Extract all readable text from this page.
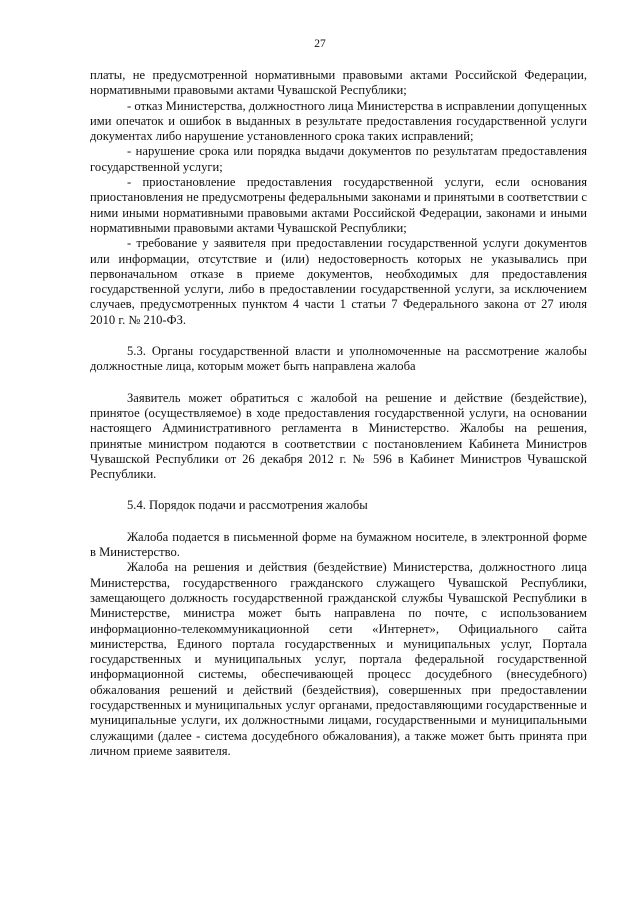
27

платы, не предусмотренной нормативными правовыми актами Российской Федерации, нормативными правовыми актами Чувашской Республики;

- отказ Министерства, должностного лица Министерства в исправлении допущенных ими опечаток и ошибок в выданных в результате предоставления государственной услуги документах либо нарушение установленного срока таких исправлений;

- нарушение срока или порядка выдачи документов по результатам предоставления государственной услуги;

- приостановление предоставления государственной услуги, если основания приостановления не предусмотрены федеральными законами и принятыми в соответствии с ними иными нормативными правовыми актами Российской Федерации, законами и иными нормативными правовыми актами Чувашской Республики;

- требование у заявителя при предоставлении государственной услуги документов или информации, отсутствие и (или) недостоверность которых не указывались при первоначальном отказе в приеме документов, необходимых для предоставления государственной услуги, либо в предоставлении государственной услуги, за исключением случаев, предусмотренных пунктом 4 части 1 статьи 7 Федерального закона от 27 июля 2010 г. № 210-ФЗ.

5.3. Органы государственной власти и уполномоченные на рассмотрение жалобы должностные лица, которым может быть направлена жалоба

Заявитель может обратиться с жалобой на решение и действие (бездействие), принятое (осуществляемое) в ходе предоставления государственной услуги, на основании настоящего Административного регламента в Министерство. Жалобы на решения, принятые министром подаются в соответствии с постановлением Кабинета Министров Чувашской Республики от 26 декабря 2012 г. № 596 в Кабинет Министров Чувашской Республики.

5.4. Порядок подачи и рассмотрения жалобы

Жалоба подается в письменной форме на бумажном носителе, в электронной форме в Министерство.

Жалоба на решения и действия (бездействие) Министерства, должностного лица Министерства, государственного гражданского служащего Чувашской Республики, замещающего должность государственной гражданской службы Чувашской Республики в Министерстве, министра может быть направлена по почте, с использованием информационно-телекоммуникационной сети «Интернет», Официального сайта министерства, Единого портала государственных и муниципальных услуг, Портала государственных и муниципальных услуг, портала федеральной государственной информационной системы, обеспечивающей процесс досудебного (внесудебного) обжалования решений и действий (бездействия), совершенных при предоставлении государственных и муниципальных услуг органами, предоставляющими государственные и муниципальные услуги, их должностными лицами, государственными и муниципальными служащими (далее - система досудебного обжалования), а также может быть принята при личном приеме заявителя.
